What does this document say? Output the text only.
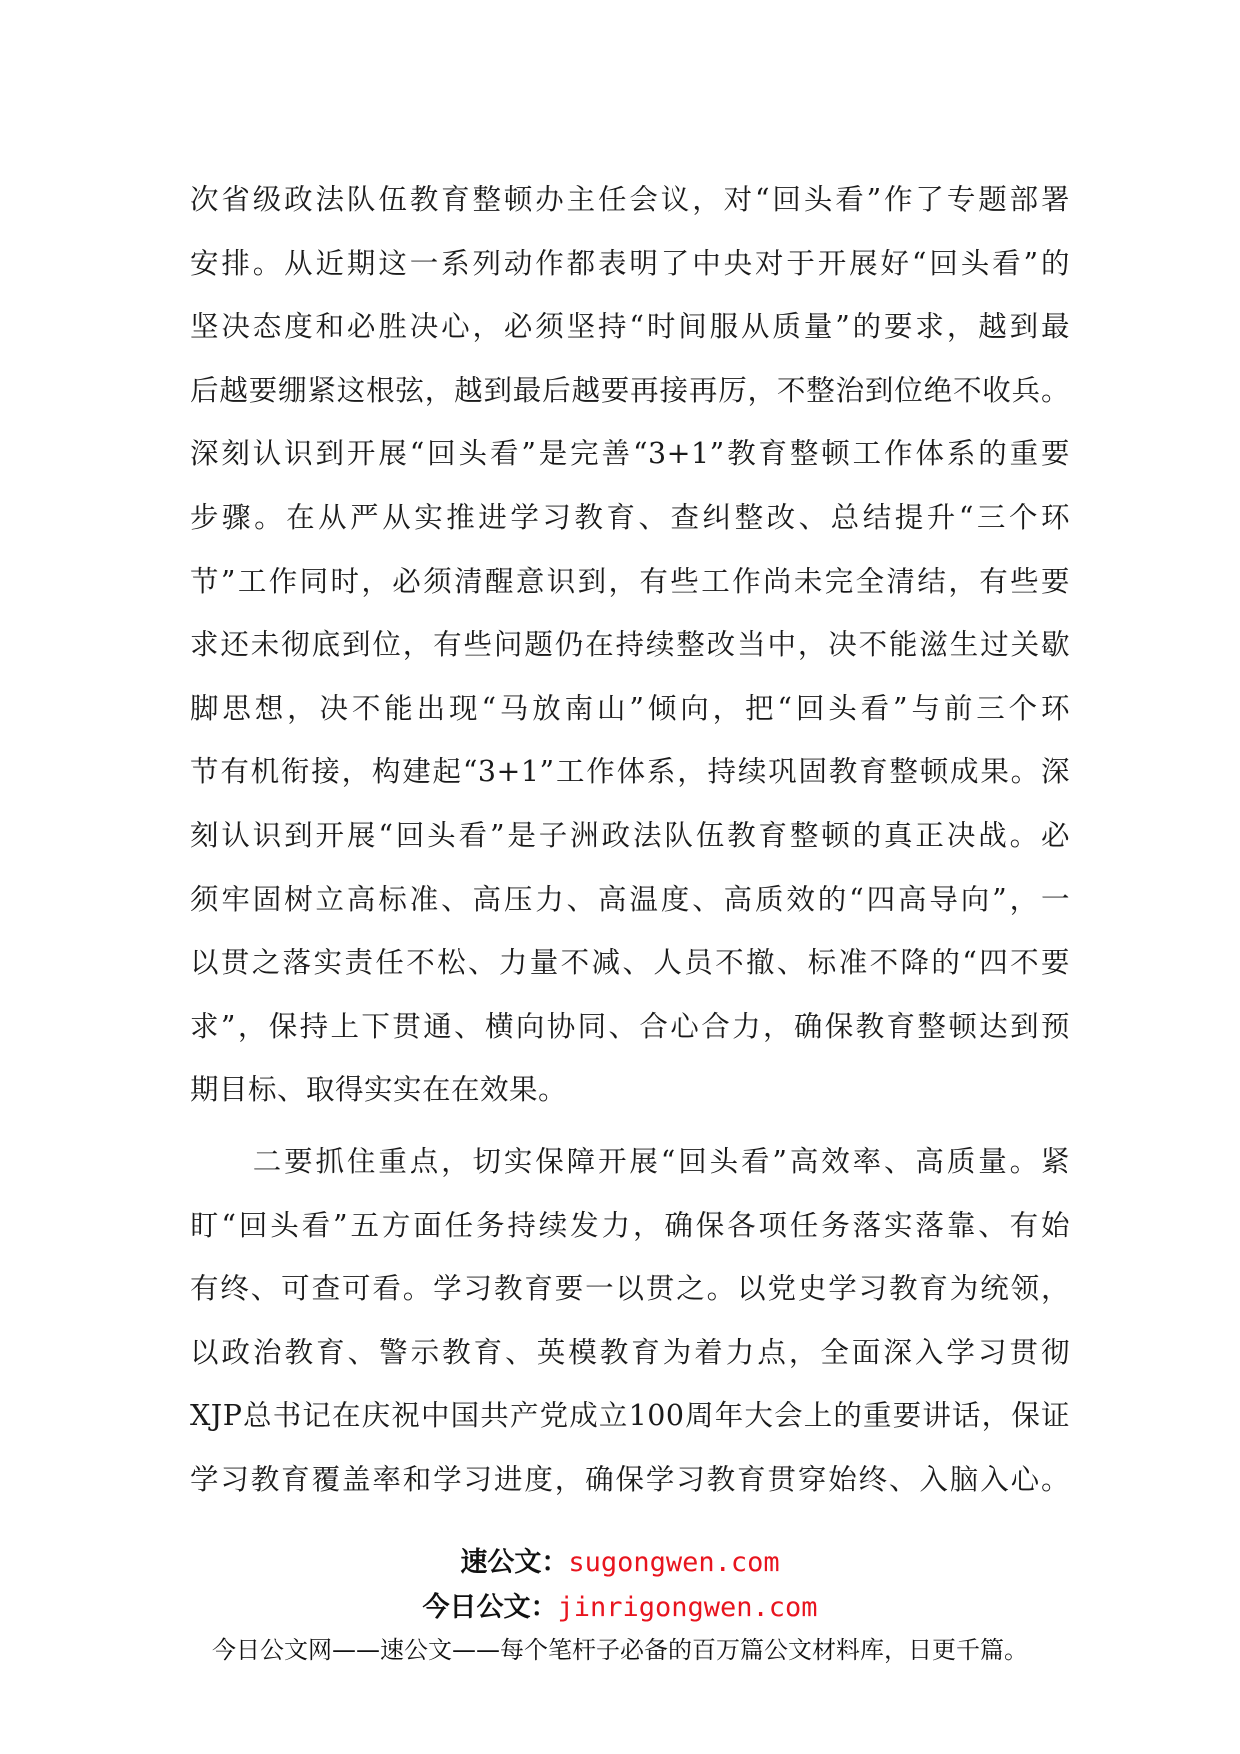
次省级政法队伍教育整顿办主任会议，对“回头看”作了专题部署
安排。从近期这一系列动作都表明了中央对于开展好“回头看”的
坚决态度和必胜决心，必须坚持“时间服从质量”的要求，越到最
后越要绷紧这根弦，越到最后越要再接再厉，不整治到位绝不收兵。
深刻认识到开展“回头看”是完善“3+1”教育整顿工作体系的重要
步骤。在从严从实推进学习教育、查纠整改、总结提升“三个环
节”工作同时，必须清醒意识到，有些工作尚未完全清结，有些要
求还未彻底到位，有些问题仍在持续整改当中，决不能滋生过关歇
脚思想，决不能出现“马放南山”倾向，把“回头看”与前三个环
节有机衔接，构建起“3+1”工作体系，持续巩固教育整顿成果。深
刻认识到开展“回头看”是子洲政法队伍教育整顿的真正决战。必
须牢固树立高标准、高压力、高温度、高质效的“四高导向”，一
以贯之落实责任不松、力量不减、人员不撤、标准不降的“四不要
求”，保持上下贯通、横向协同、合心合力，确保教育整顿达到预
期目标、取得实实在在效果。
　　二要抓住重点，切实保障开展“回头看”高效率、高质量。紧
盯“回头看”五方面任务持续发力，确保各项任务落实落靠、有始
有终、可查可看。学习教育要一以贯之。以党史学习教育为统领，
以政治教育、警示教育、英模教育为着力点，全面深入学习贯彻
XJP总书记在庆祝中国共产党成立100周年大会上的重要讲话，保证
学习教育覆盖率和学习进度，确保学习教育贯穿始终、入脑入心。
速公文：sugongwen.com
今日公文：jinrigongwen.com
今日公文网——速公文——每个笔杆子必备的百万篇公文材料库，日更千篇。
